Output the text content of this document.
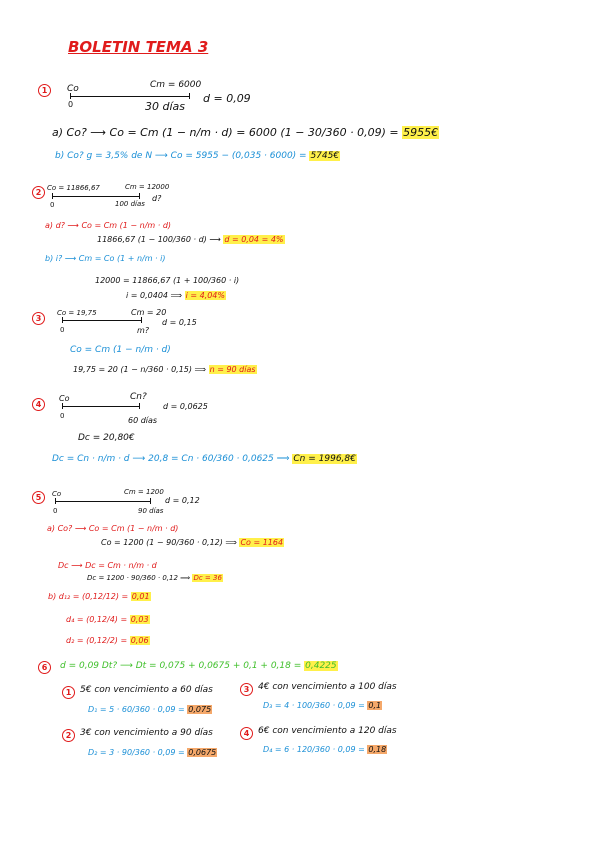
BOLETIN TEMA 3
1	Co	Cm = 6000
0	30 días
d = 0,09
a) Co? ⟶ Co = Cm (1 − n/m · d) = 6000 (1 − 30/360 · 0,09) = 5955€
b) Co? g = 3,5% de N ⟶ Co = 5955 − (0,035 · 6000) = 5745€
2 Co = 11866,67	Cm = 12000
0	100 días
d?
a) d? ⟶ Co = Cm (1 − n/m · d)
11866,67 (1 − 100/360 · d) ⟶ d = 0,04 = 4%
b) i? ⟶ Cm = Co (1 + n/m · i)
12000 = 11866,67 (1 + 100/360 · i)
i = 0,0404 ⟹ i = 4,04%
3
Co = 19,75	Cm = 20
0	m?
d = 0,15
Co = Cm (1 − n/m · d)
19,75 = 20 (1 − n/360 · 0,15) ⟹ n = 90 días
4
Co	Cn?
0	60 días
d = 0,0625
Dc = 20,80€
Dc = Cn · n/m · d ⟶ 20,8 = Cn · 60/360 · 0,0625 ⟹ Cn = 1996,8€
5	Co	Cm = 1200
0	90 días
d = 0,12
a) Co? ⟶ Co = Cm (1 − n/m · d)
Co = 1200 (1 − 90/360 · 0,12) ⟹ Co = 1164
Dc ⟶ Dc = Cm · n/m · d
Dc = 1200 · 90/360 · 0,12 ⟹ Dc = 36
b) d₁₂ = (0,12/12) = 0,01
d₄ = (0,12/4) = 0,03
d₂ = (0,12/2) = 0,06
6	d = 0,09 Dt? ⟶ Dt = 0,075 + 0,0675 + 0,1 + 0,18 = 0,4225
1 5€ con vencimiento a 60 días
D₁ = 5 · 60/360 · 0,09 = 0,075
3 4€ con vencimiento a 100 días
D₃ = 4 · 100/360 · 0,09 = 0,1
2 3€ con vencimiento a 90 días
D₂ = 3 · 90/360 · 0,09 = 0,0675
4 6€ con vencimiento a 120 días
D₄ = 6 · 120/360 · 0,09 = 0,18
